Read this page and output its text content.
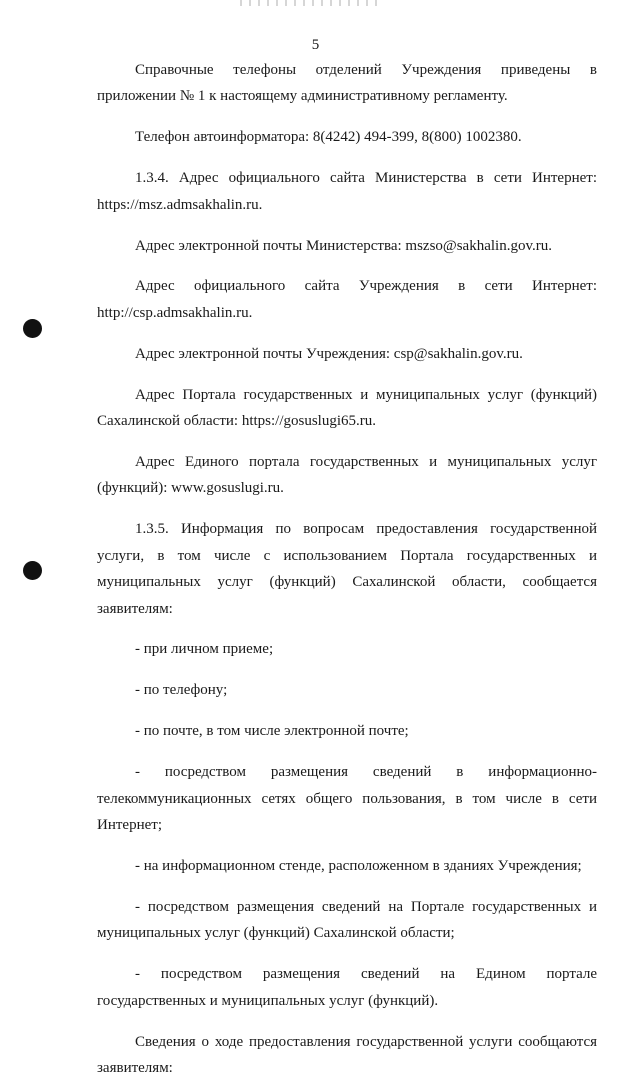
5
Справочные телефоны отделений Учреждения приведены в
приложении № 1 к настоящему административному регламенту.
Телефон автоинформатора: 8(4242) 494-399, 8(800) 1002380.
1.3.4. Адрес официального сайта Министерства в сети Интернет:
https://msz.admsakhalin.ru.
Адрес электронной почты Министерства: mszso@sakhalin.gov.ru.
Адрес официального сайта Учреждения в сети Интернет:
http://csp.admsakhalin.ru.
Адрес электронной почты Учреждения: csp@sakhalin.gov.ru.
Адрес Портала государственных и муниципальных услуг (функций)
Сахалинской области: https://gosuslugi65.ru.
Адрес Единого портала государственных и муниципальных услуг
(функций): www.gosuslugi.ru.
1.3.5. Информация по вопросам предоставления государственной
услуги, в том числе с использованием Портала государственных и
муниципальных услуг (функций) Сахалинской области, сообщается
заявителям:
- при личном приеме;
- по телефону;
- по почте, в том числе электронной почте;
- посредством размещения сведений в информационно-
телекоммуникационных сетях общего пользования, в том числе в сети
Интернет;
- на информационном стенде, расположенном в зданиях Учреждения;
- посредством размещения сведений на Портале государственных и
муниципальных услуг (функций) Сахалинской области;
- посредством размещения сведений на Едином портале
государственных и муниципальных услуг (функций).
Сведения о ходе предоставления государственной услуги сообщаются
заявителям:
